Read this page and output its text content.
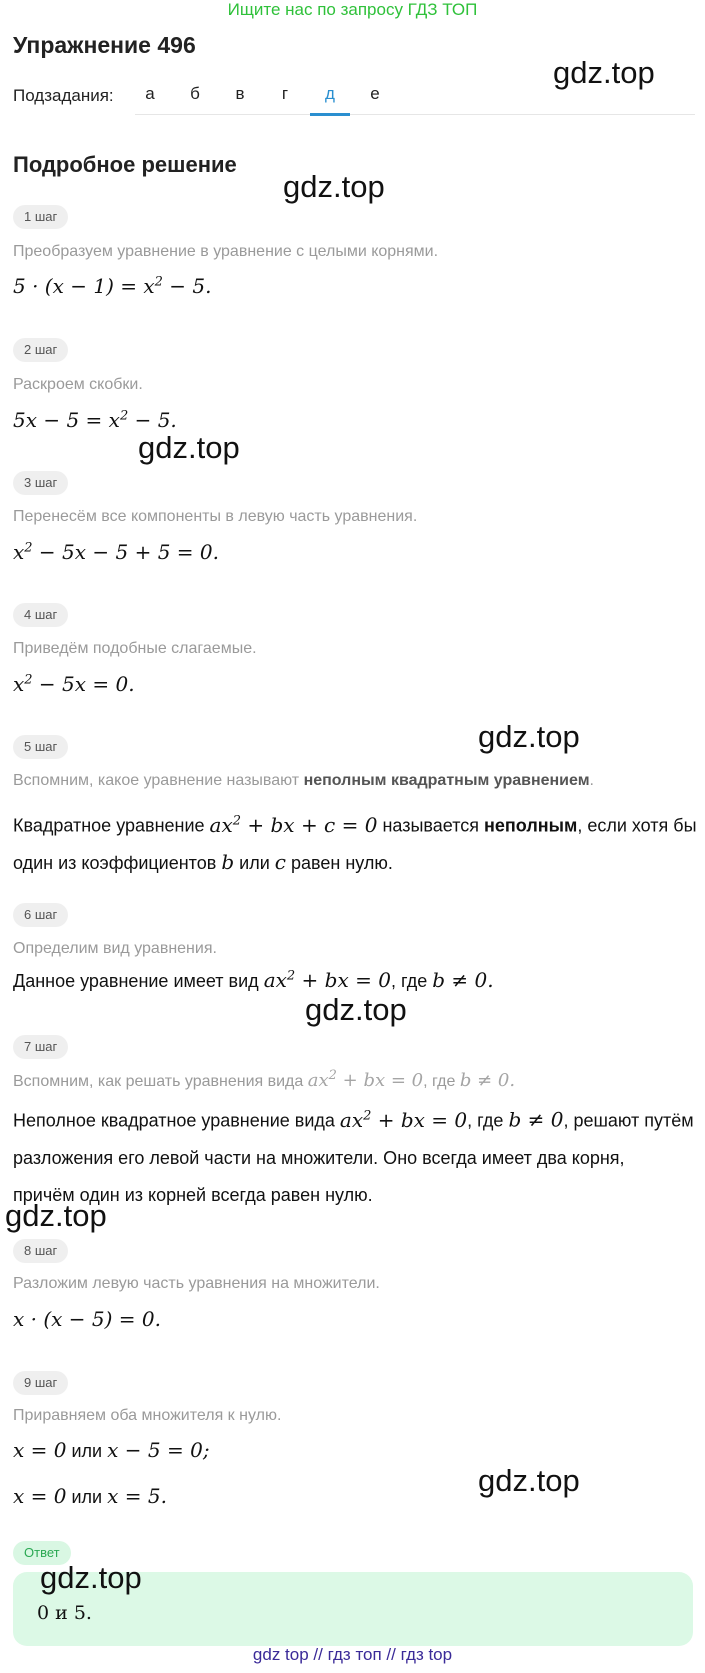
Ищите нас по запросу ГДЗ ТОП
Упражнение 496
Подзадания:	а	б	в	г	д	е
gdz.top
Подробное решение
gdz.top
1 шаг
Преобразуем уравнение в уравнение с целыми корнями.
$5 \cdot (x - 1) = x^2 - 5$.
2 шаг
Раскроем скобки.
$5x - 5 = x^2 - 5$.
gdz.top
3 шаг
Перенесём все компоненты в левую часть уравнения.
$x^2 - 5x - 5 + 5 = 0$.
4 шаг
Приведём подобные слагаемые.
$x^2 - 5x = 0$.
gdz.top
5 шаг
Вспомним, какое уравнение называют неполным квадратным уравнением.
Квадратное уравнение $ax^2$ + bx + c = 0 называется неполным, если хотя бы
один из коэффициентов b или c равен нулю.
6 шаг
Определим вид уравнения.
Данное уравнение имеет вид $ax^2$ + bx = 0, где b ≠ 0.
gdz.top
7 шаг
Вспомним, как решать уравнения вида $ax^2$ + bx = 0, где b ≠ 0.
Неполное квадратное уравнение вида $ax^2$ + bx = 0, где b ≠ 0, решают путём
разложения его левой части на множители. Оно всегда имеет два корня,
причём один из корней всегда равен нулю.
gdz.top
8 шаг
Разложим левую часть уравнения на множители.
x · (x − 5) = 0.
9 шаг
Приравняем оба множителя к нулю.
x = 0 или x − 5 = 0;
x = 0 или x = 5.	gdz.top
Ответ
gdz.top
0 и 5.
gdz top // гдз топ // гдз top
